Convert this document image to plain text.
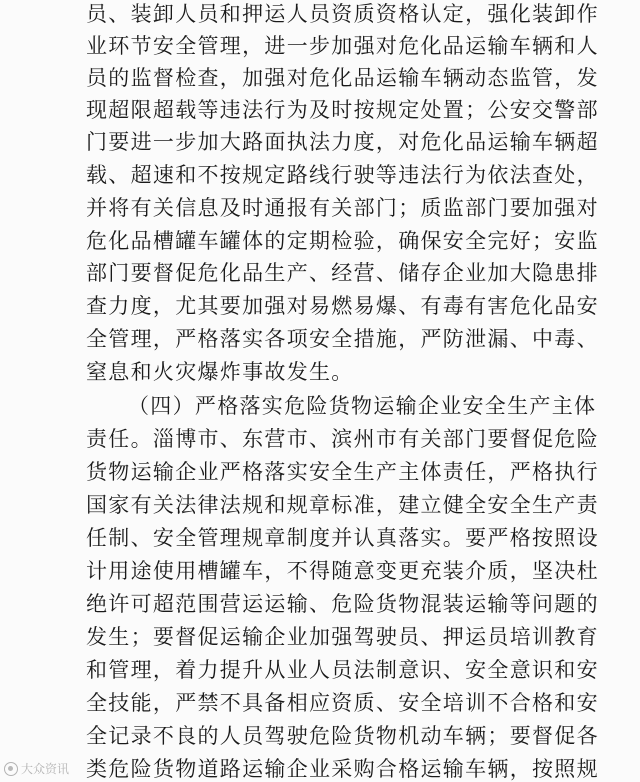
员、装卸人员和押运人员资质资格认定，强化装卸作
业环节安全管理，进一步加强对危化品运输车辆和人
员的监督检查，加强对危化品运输车辆动态监管，发
现超限超载等违法行为及时按规定处置；公安交警部
门要进一步加大路面执法力度，对危化品运输车辆超
载、超速和不按规定路线行驶等违法行为依法查处，
并将有关信息及时通报有关部门；质监部门要加强对
危化品槽罐车罐体的定期检验，确保安全完好；安监
部门要督促危化品生产、经营、储存企业加大隐患排
查力度，尤其要加强对易燃易爆、有毒有害危化品安
全管理，严格落实各项安全措施，严防泄漏、中毒、
窒息和火灾爆炸事故发生。
（四）严格落实危险货物运输企业安全生产主体
责任。淄博市、东营市、滨州市有关部门要督促危险
货物运输企业严格落实安全生产主体责任，严格执行
国家有关法律法规和规章标准，建立健全安全生产责
任制、安全管理规章制度并认真落实。要严格按照设
计用途使用槽罐车，不得随意变更充装介质，坚决杜
绝许可超范围营运运输、危险货物混装运输等问题的
发生；要督促运输企业加强驾驶员、押运员培训教育
和管理，着力提升从业人员法制意识、安全意识和安
全技能，严禁不具备相应资质、安全培训不合格和安
全记录不良的人员驾驶危险货物机动车辆；要督促各
类危险货物道路运输企业采购合格运输车辆，按照规
大众资讯
